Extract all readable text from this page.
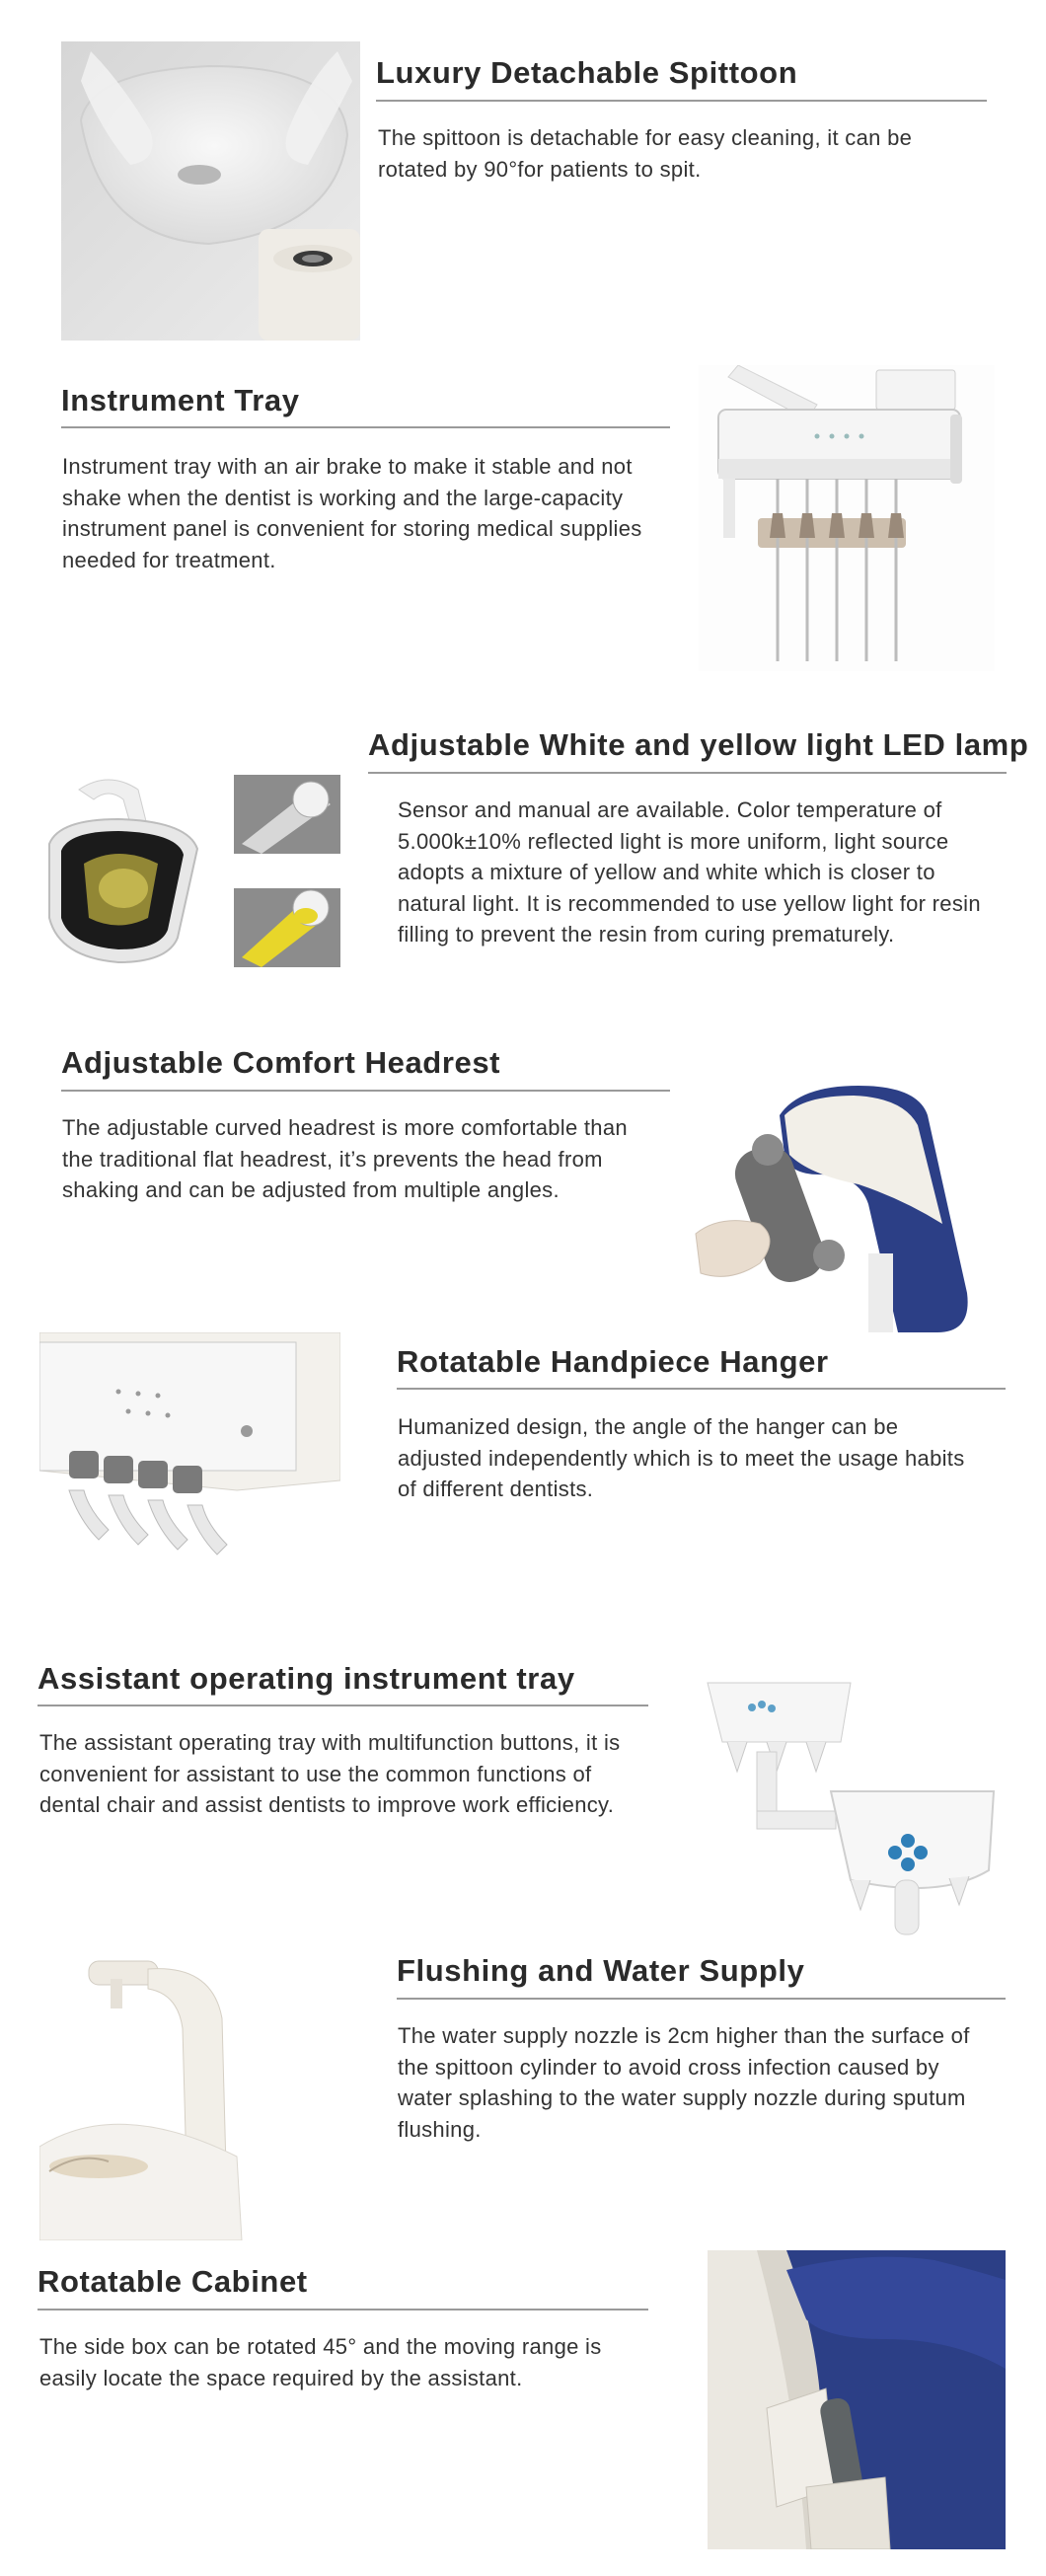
Luxury Detachable Spittoon

The spittoon is detachable for easy cleaning, it can be rotated by 90°for patients to spit.

Instrument Tray

Instrument tray with an air brake to make it stable and not shake when the dentist is working and the large-capacity instrument panel is convenient for storing medical supplies needed for treatment.

Adjustable White and yellow light LED lamp

Sensor and manual are available. Color temperature of 5.000k±10% reflected light is more uniform, light source adopts a mixture of yellow and white which is closer to natural light. It is recommended to use yellow light for resin filling to prevent the resin from curing prematurely.

Adjustable Comfort Headrest

The adjustable curved headrest is more comfortable than the traditional flat headrest, it’s prevents the head from shaking and can be adjusted from multiple angles.

Rotatable Handpiece Hanger

Humanized design, the angle of the hanger can be adjusted independently which is to meet the usage habits of different dentists.

Assistant operating instrument tray

The assistant operating tray with multifunction buttons, it is convenient for assistant to use the common functions of dental chair and assist dentists to improve work efficiency.

Flushing and Water Supply

The water supply nozzle is 2cm higher than the surface of the spittoon cylinder to avoid cross infection caused by water splashing to the water supply nozzle during sputum flushing.

Rotatable Cabinet

The side box can be rotated 45° and the moving range is easily locate the space required by the assistant.
